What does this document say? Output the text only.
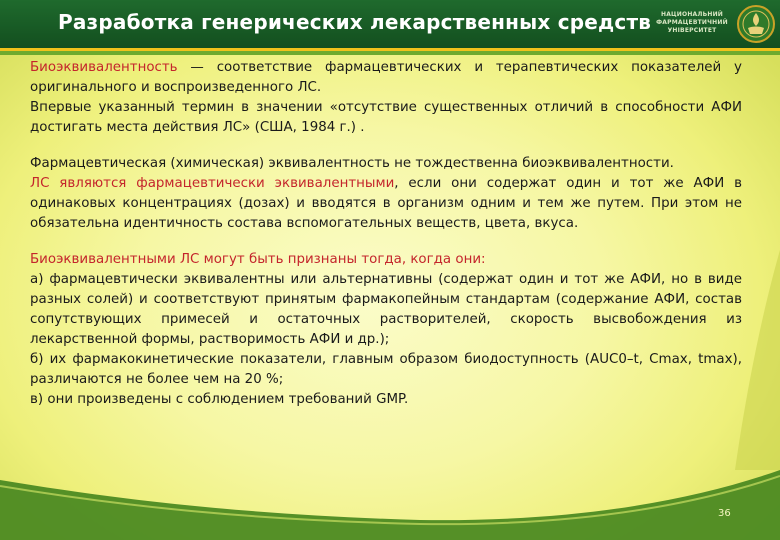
Разработка генерических лекарственных средств	НАЦИОНАЛЬНИЙ ФАРМАЦЕВТИЧНИЙ УНІВЕРСИТЕТ
Биоэквивалентность — соответствие фармацевтических и терапевтических показателей у оригинального и воспроизведенного ЛС.
Впервые указанный термин в значении «отсутствие существенных отличий в способности АФИ достигать места действия ЛС» (США, 1984 г.) .
Фармацевтическая (химическая) эквивалентность не тождественна биоэквивалентности.
ЛС являются фармацевтически эквивалентными, если они содержат один и тот же АФИ в одинаковых концентрациях (дозах) и вводятся в организм одним и тем же путем. При этом не обязательна идентичность состава вспомогательных веществ, цвета, вкуса.
Биоэквивалентными ЛС могут быть признаны тогда, когда они:
а) фармацевтически эквивалентны или альтернативны (содержат один и тот же АФИ, но в виде разных солей) и соответствуют принятым фармакопейным стандартам (содержание АФИ, состав сопутствующих примесей и остаточных растворителей, скорость высвобождения из лекарственной формы, растворимость АФИ и др.);
б) их фармакокинетические показатели, главным образом биодоступность (AUC0–t, Cmax, tmax), различаются не более чем на 20 %;
в) они произведены с соблюдением требований GMP.
36
